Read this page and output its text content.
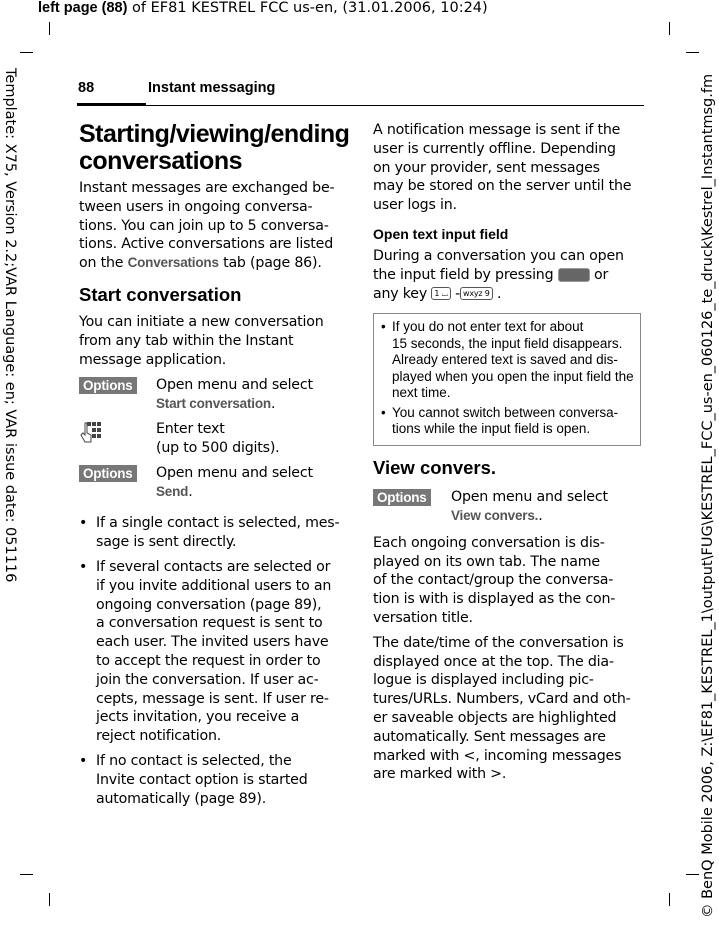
left page (88) of EF81 KESTREL FCC us-en, (31.01.2006, 10:24)
Template: X75, Version 2.2;VAR Language: en; VAR issue date: 051116	© BenQ Mobile 2006, Z:\EF81_KESTREL_1\output\FUG\KESTREL_FCC_us-en_060126_te_druck\Kestrel_Instantmsg.fm
88	Instant messaging
Starting/viewing/ending
conversations
Instant messages are exchanged be-
tween users in ongoing conversa-
tions. You can join up to 5 conversa-
tions. Active conversations are listed
on the Conversations tab (page 86).
Start conversation
You can initiate a new conversation
from any tab within the Instant
message application.
Options Open menu and select
Start conversation.
Enter text
(up to 500 digits).
Options Open menu and select
Send.
• If a single contact is selected, mes-
sage is sent directly.
• If several contacts are selected or
if you invite additional users to an
ongoing conversation (page 89),
a conversation request is sent to
each user. The invited users have
to accept the request in order to
join the conversation. If user ac-
cepts, message is sent. If user re-
jects invitation, you receive a
reject notification.
• If no contact is selected, the
Invite contact option is started
automatically (page 89).
A notification message is sent if the
user is currently offline. Depending
on your provider, sent messages
may be stored on the server until the
user logs in.
Open text input field
During a conversation you can open
the input field by pressing	or
any key 1 ⌴ - wxyz 9 .
• If you do not enter text for about
15 seconds, the input field disappears.
Already entered text is saved and dis-
played when you open the input field the
next time.
• You cannot switch between conversa-
tions while the input field is open.
View convers.
Options Open menu and select
View convers..
Each ongoing conversation is dis-
played on its own tab. The name
of the contact/group the conversa-
tion is with is displayed as the con-
versation title.
The date/time of the conversation is
displayed once at the top. The dia-
logue is displayed including pic-
tures/URLs. Numbers, vCard and oth-
er saveable objects are highlighted
automatically. Sent messages are
marked with <, incoming messages
are marked with >.
